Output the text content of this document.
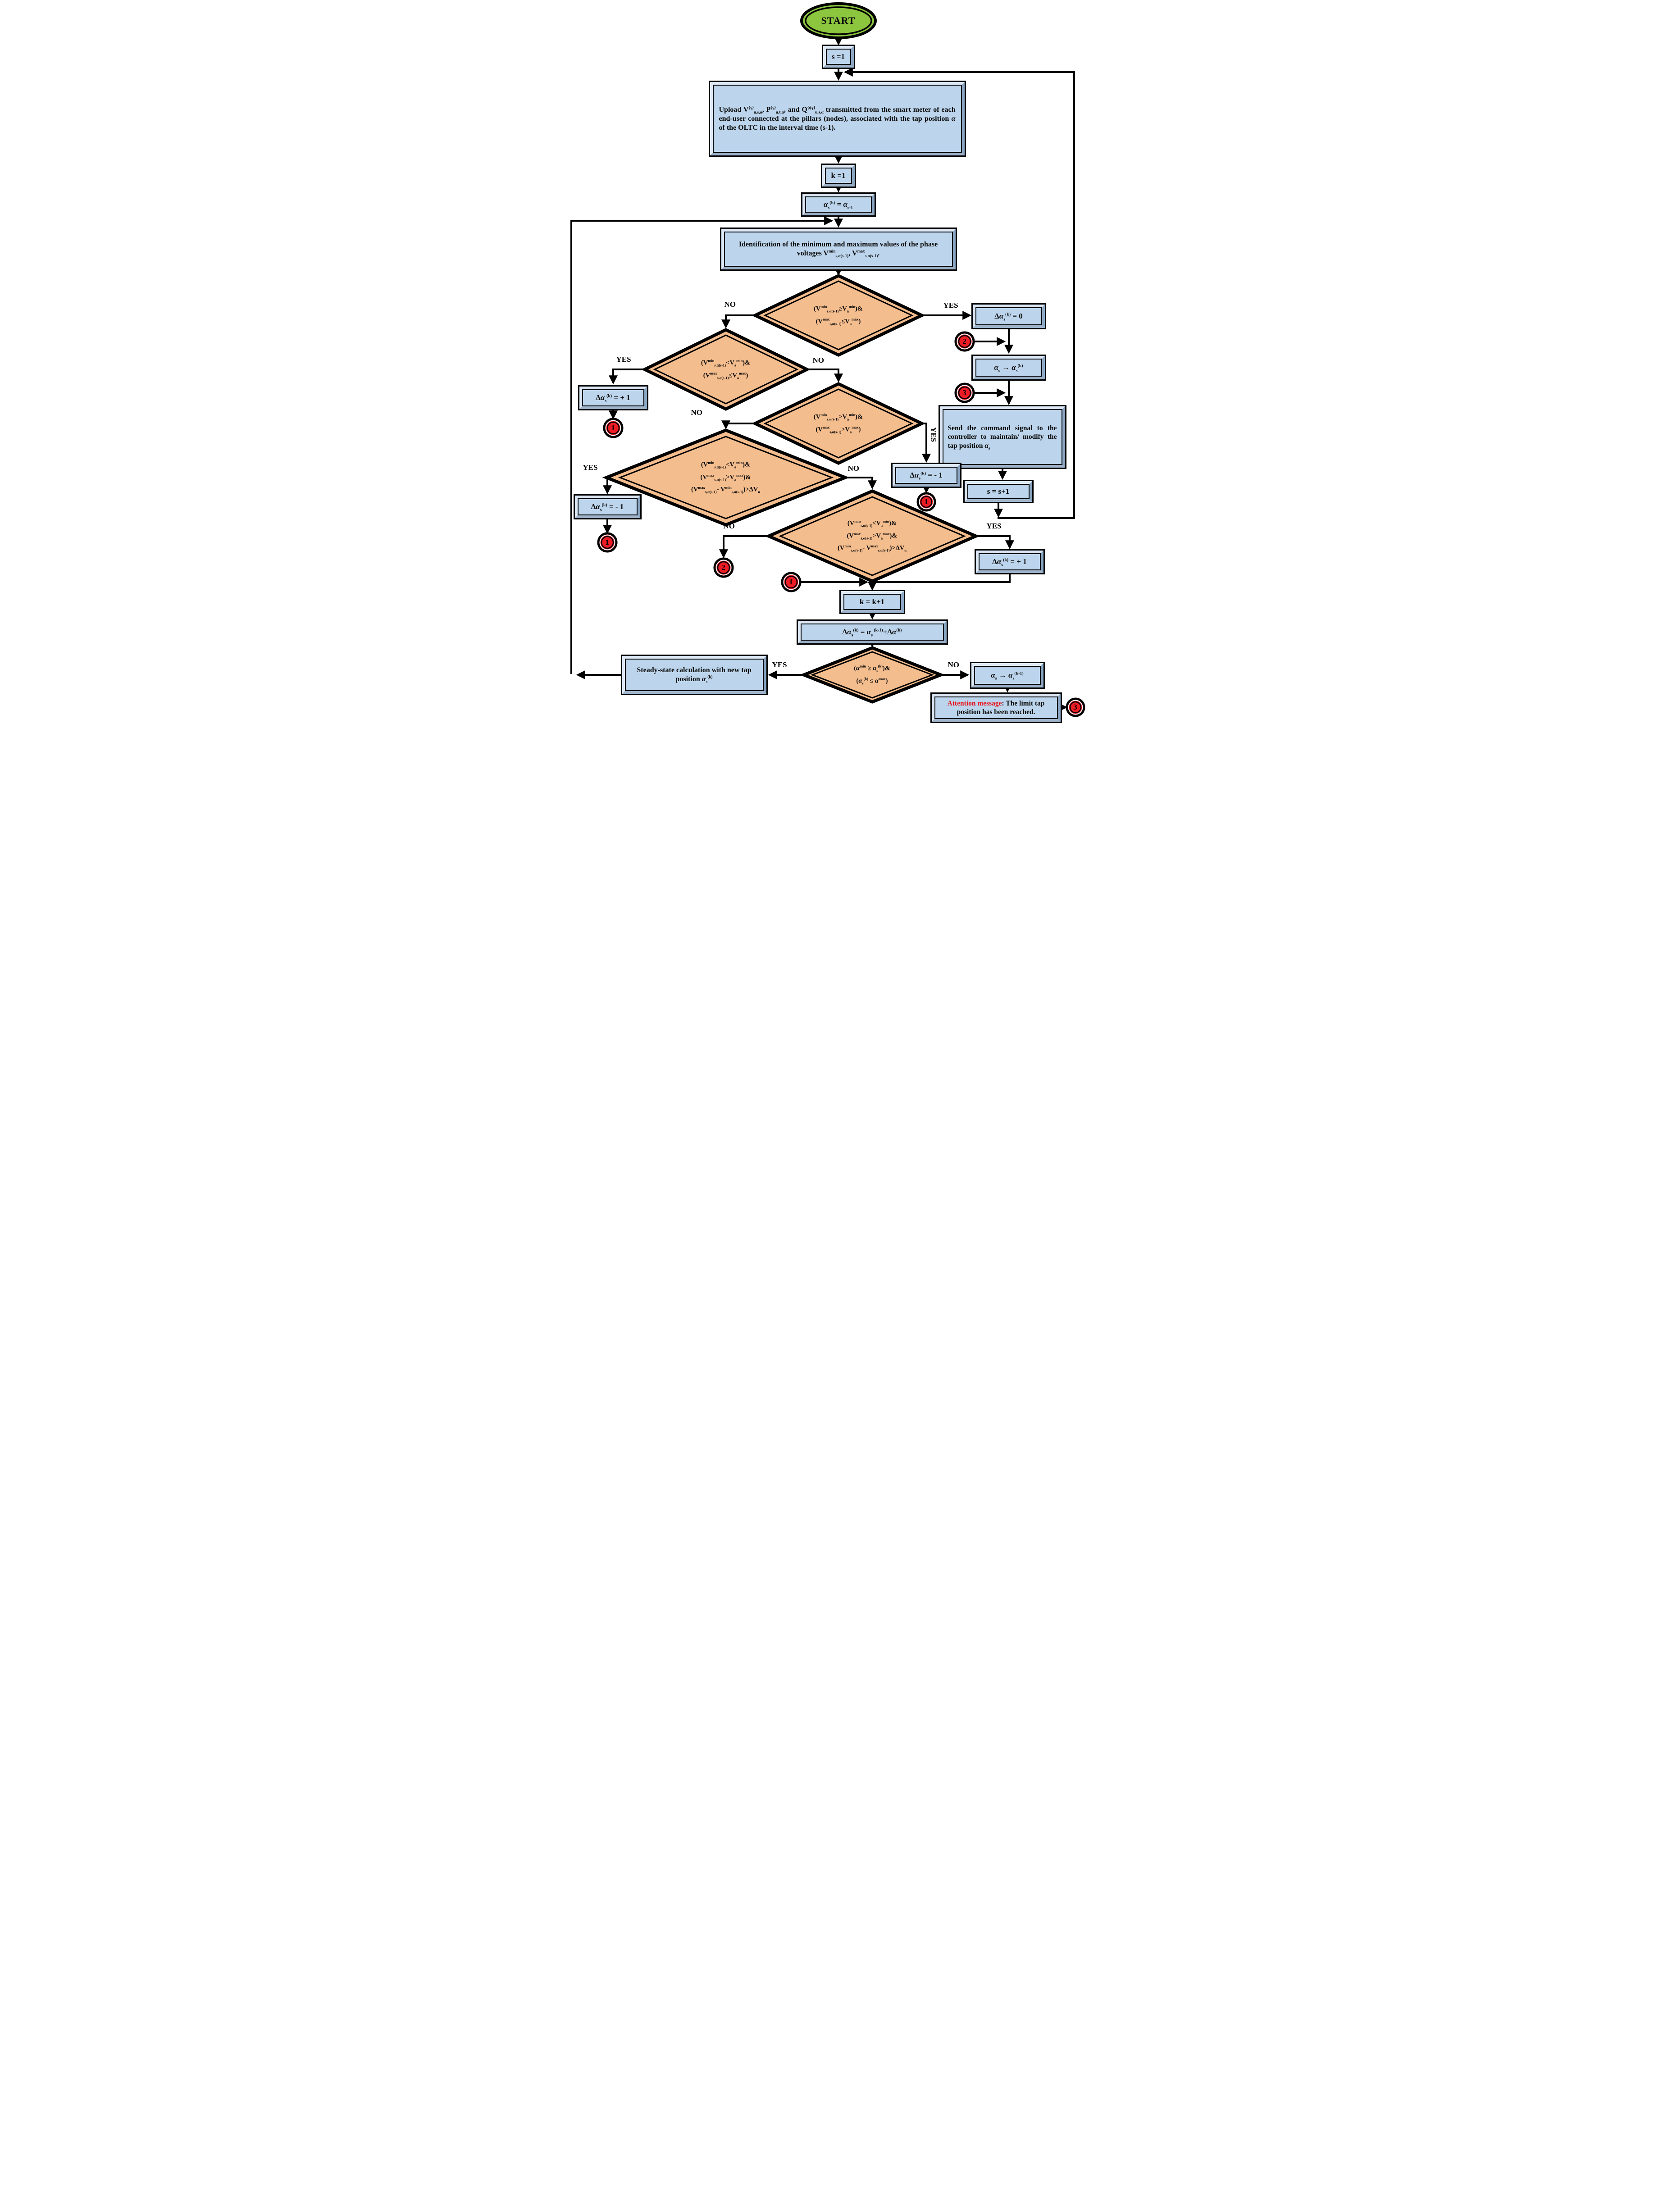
START
s =1
Upload $V^{\{\gamma\}}_{u,s,\alpha}$, $P^{\{\gamma\}}_{u,t,\alpha}$, and $Q^{\{\phi\gamma\}}_{u,s,\alpha}$ transmitted from the smart meter of each end-user connected at the pillars (nodes), associated with the tap position α of the OLTC in the interval time (s-1).
k =1
$\alpha_s^{(k)} = \alpha_{s-1}$
Identification of the minimum and maximum values of the phase voltages $V^{min}_{s,\alpha(s-1)}$, $V^{max}_{s,\alpha(s-1)}$.
$\Delta\alpha_s^{(k)} = 0$
$\alpha_s \to \alpha_s^{(k)}$
Send the command signal to the controller to maintain/ modify the tap position $\alpha_s$
s = s+1
$\Delta\alpha_s^{(k)}$ = + 1
$\Delta\alpha_s^{(k)}$ = - 1
$\Delta\alpha_s^{(k)}$ = - 1
$\Delta\alpha_s^{(k)}$ = + 1
k = k+1
$\Delta\alpha_s^{(k)} = \alpha_s$ $^{(k-1)}+\Delta\alpha^{(k)}$
Steady-state calculation with new tap position $\alpha_s^{(k)}$	$\alpha_s \to \alpha_s^{(k-1)}$
Attention message: The limit tap position has been reached.
$(V^{min}_{s,\alpha(s-1)}\ge V_a^{min})\&$
$(V^{max}_{s,\alpha(s-1)}\le V_a^{max})$
$(V^{min}_{s,\alpha(s-1)}<V_a^{min})\&$
$(V^{max}_{s,\alpha(s-1)}\le V_a^{max})$
$(V^{min}_{s,\alpha(s-1)}>V_a^{min})\&$
$(V^{max}_{s,\alpha(s-1)}>V_a^{max})$
$(V^{min}_{s,\alpha(s-1)}<V_a^{min})\&$
$(V^{max}_{s,\alpha(s-1)}>V_a^{max})\&$
($V^{max}_{s,\alpha(s-1)}-$ $V^{min}_{s,\alpha(s-1)})>\Delta V_\alpha$
$(V^{min}_{s,\alpha(s-1)}<V_a^{min})\&$
$(V^{max}_{s,\alpha(s-1)}>V_a^{max})\&$
($V^{min}_{s,\alpha(s-1)}-$ $V^{max}_{s,\alpha(s-1)})>\Delta V_\alpha$
($\alpha^{min}$ ≥ $\alpha_s^{(k)})\&$
$(\alpha_s^{(k)} \le \alpha^{max})$
YES
NO
YES	NO
YES
NO
YES	NO
YES
NO
YES	NO
1
1
1
1
2
2
3
3
